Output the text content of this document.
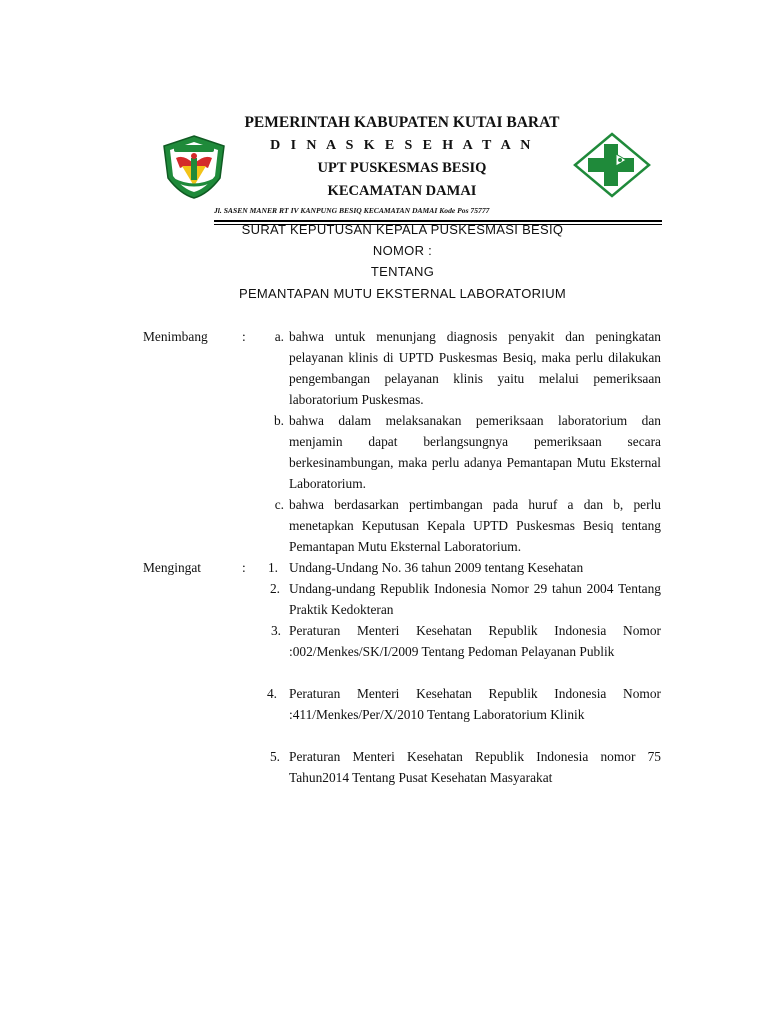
PEMERINTAH KABUPATEN KUTAI BARAT

D I N A S K E S E H A T A N

UPT PUSKESMAS BESIQ

KECAMATAN DAMAI

Jl. SASEN MANER RT IV KANPUNG BESIQ KECAMATAN DAMAI Kode Pos 75777

SURAT KEPUTUSAN KEPALA PUSKESMASI BESIQ

NOMOR :

TENTANG

PEMANTAPAN MUTU EKSTERNAL LABORATORIUM

Menimbang	:	a. bahwa untuk menunjang diagnosis penyakit dan peningkatan pelayanan klinis di UPTD Puskesmas Besiq, maka perlu dilakukan pengembangan pelayanan klinis yaitu melalui pemeriksaan laboratorium Puskesmas.

b. bahwa dalam melaksanakan pemeriksaan laboratorium dan menjamin dapat berlangsungnya pemeriksaan secara berkesinambungan, maka perlu adanya Pemantapan Mutu Eksternal Laboratorium.

c. bahwa berdasarkan pertimbangan pada huruf a dan b, perlu menetapkan Keputusan Kepala UPTD Puskesmas Besiq tentang Pemantapan Mutu Eksternal Laboratorium.

Mengingat	:	1. Undang-Undang No. 36 tahun 2009 tentang Kesehatan

2. Undang-undang Republik Indonesia Nomor 29 tahun 2004 Tentang Praktik Kedokteran

3. Peraturan Menteri Kesehatan Republik Indonesia Nomor :002/Menkes/SK/I/2009 Tentang Pedoman Pelayanan Publik

4. Peraturan Menteri Kesehatan Republik Indonesia Nomor :411/Menkes/Per/X/2010 Tentang Laboratorium Klinik

5. Peraturan Menteri Kesehatan Republik Indonesia nomor 75 Tahun2014 Tentang Pusat Kesehatan Masyarakat
